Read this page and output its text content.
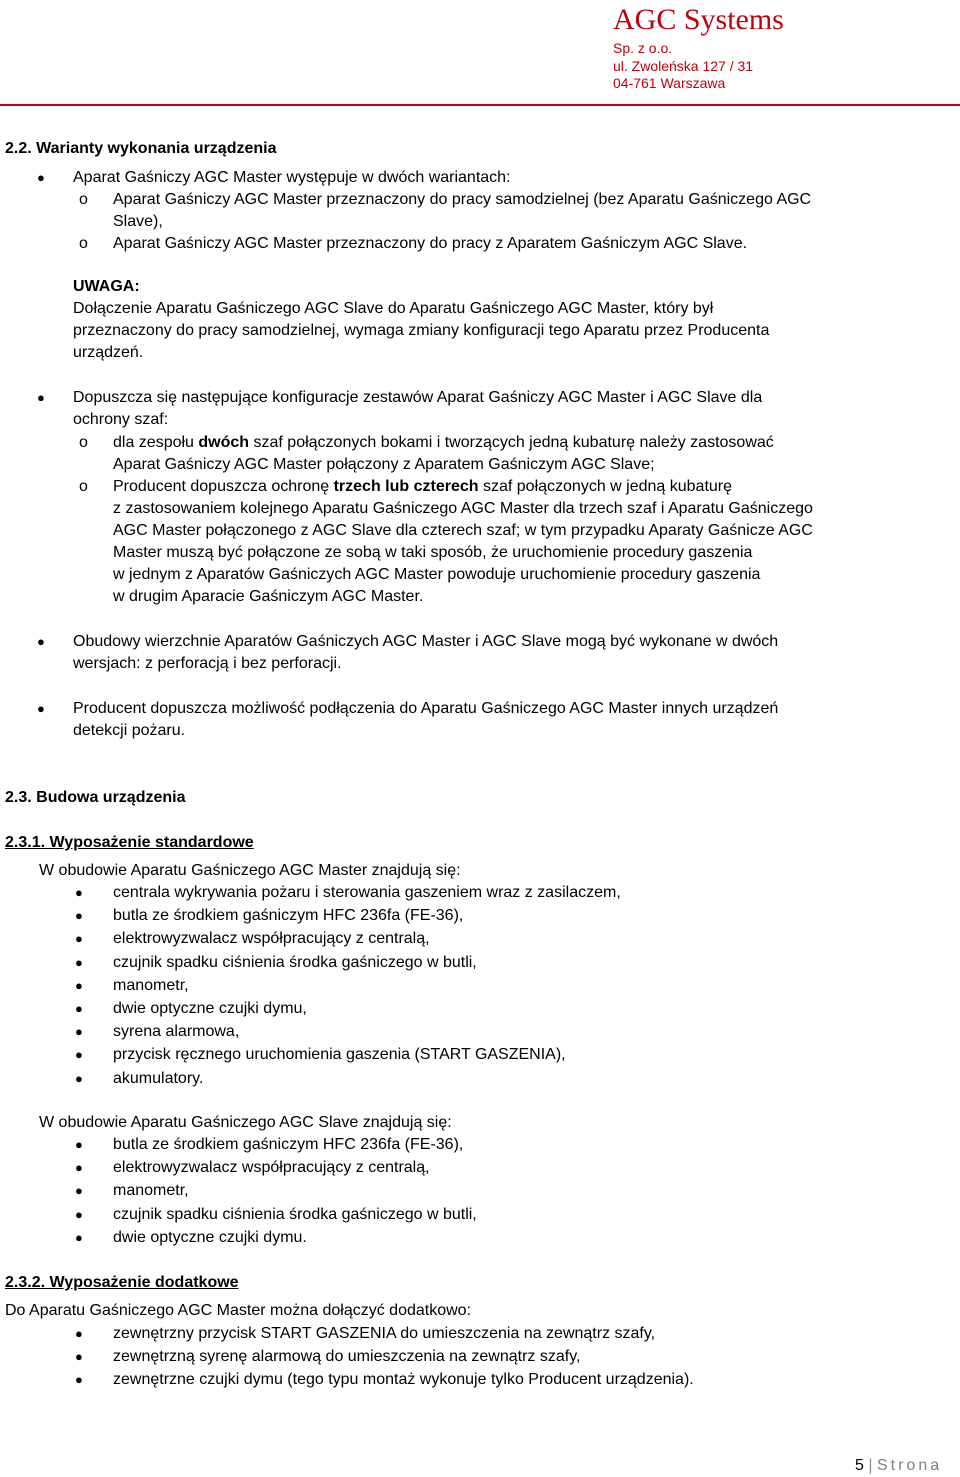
AGC Systems
Sp. z o.o.
ul. Zwoleńska 127 / 31
04-761 Warszawa
2.2. Warianty wykonania urządzenia
● Aparat Gaśniczy AGC Master występuje w dwóch wariantach:
o Aparat Gaśniczy AGC Master przeznaczony do pracy samodzielnej (bez Aparatu Gaśniczego AGC
Slave),
o Aparat Gaśniczy AGC Master przeznaczony do pracy z Aparatem Gaśniczym AGC Slave.
UWAGA:
Dołączenie Aparatu Gaśniczego AGC Slave do Aparatu Gaśniczego AGC Master, który był
przeznaczony do pracy samodzielnej, wymaga zmiany konfiguracji tego Aparatu przez Producenta
urządzeń.
● Dopuszcza się następujące konfiguracje zestawów Aparat Gaśniczy AGC Master i AGC Slave dla
ochrony szaf:
o dla zespołu dwóch szaf połączonych bokami i tworzących jedną kubaturę należy zastosować
Aparat Gaśniczy AGC Master połączony z Aparatem Gaśniczym AGC Slave;
o Producent dopuszcza ochronę trzech lub czterech szaf połączonych w jedną kubaturę
z zastosowaniem kolejnego Aparatu Gaśniczego AGC Master dla trzech szaf i Aparatu Gaśniczego
AGC Master połączonego z AGC Slave dla czterech szaf; w tym przypadku Aparaty Gaśnicze AGC
Master muszą być połączone ze sobą w taki sposób, że uruchomienie procedury gaszenia
w jednym z Aparatów Gaśniczych AGC Master powoduje uruchomienie procedury gaszenia
w drugim Aparacie Gaśniczym AGC Master.
● Obudowy wierzchnie Aparatów Gaśniczych AGC Master i AGC Slave mogą być wykonane w dwóch
wersjach: z perforacją i bez perforacji.
● Producent dopuszcza możliwość podłączenia do Aparatu Gaśniczego AGC Master innych urządzeń
detekcji pożaru.
2.3. Budowa urządzenia
2.3.1. Wyposażenie standardowe
W obudowie Aparatu Gaśniczego AGC Master znajdują się:
● centrala wykrywania pożaru i sterowania gaszeniem wraz z zasilaczem,
● butla ze środkiem gaśniczym HFC 236fa (FE-36),
● elektrowyzwalacz współpracujący z centralą,
● czujnik spadku ciśnienia środka gaśniczego w butli,
● manometr,
● dwie optyczne czujki dymu,
● syrena alarmowa,
● przycisk ręcznego uruchomienia gaszenia (START GASZENIA),
● akumulatory.
W obudowie Aparatu Gaśniczego AGC Slave znajdują się:
● butla ze środkiem gaśniczym HFC 236fa (FE-36),
● elektrowyzwalacz współpracujący z centralą,
● manometr,
● czujnik spadku ciśnienia środka gaśniczego w butli,
● dwie optyczne czujki dymu.
2.3.2. Wyposażenie dodatkowe
Do Aparatu Gaśniczego AGC Master można dołączyć dodatkowo:
● zewnętrzny przycisk START GASZENIA do umieszczenia na zewnątrz szafy,
● zewnętrzną syrenę alarmową do umieszczenia na zewnątrz szafy,
● zewnętrzne czujki dymu (tego typu montaż wykonuje tylko Producent urządzenia).
5 | Strona
